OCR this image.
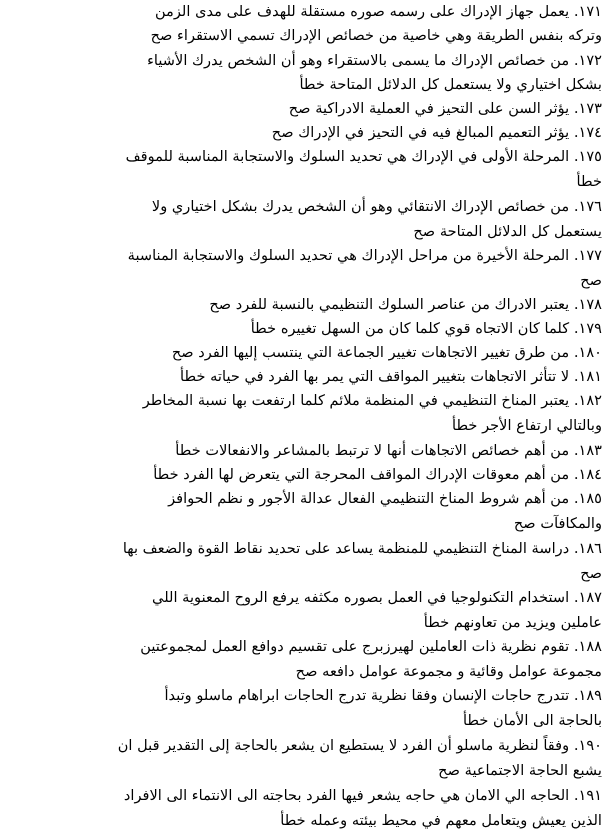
١٧١. يعمل جهاز الإدراك على رسمه صوره مستقلة للهدف على مدى الزمن
وتركه بنفس الطريقة وهي خاصية من خصائص الإدراك تسمي الاستقراء صح
١٧٢. من خصائص الإدراك ما يسمى بالاستقراء وهو أن الشخص يدرك الأشياء
بشكل اختياري ولا يستعمل كل الدلائل المتاحة خطأ
١٧٣. يؤثر السن على التحيز في العملية الادراكية صح
١٧٤. يؤثر التعميم المبالغ فيه في التحيز في الإدراك صح
١٧٥. المرحلة الأولى في الإدراك هي تحديد السلوك والاستجابة المناسبة للموقف
خطأ
١٧٦. من خصائص الإدراك الانتقائي وهو أن الشخص يدرك بشكل اختياري ولا
يستعمل كل الدلائل المتاحة صح
١٧٧. المرحلة الأخيرة من مراحل الإدراك هي تحديد السلوك والاستجابة المناسبة
صح
١٧٨. يعتبر الادراك من عناصر السلوك التنظيمي بالنسبة للفرد صح
١٧٩. كلما كان الاتجاه قوي كلما كان من السهل تغييره خطأ
١٨٠. من طرق تغيير الاتجاهات تغيير الجماعة التي ينتسب إليها الفرد صح
١٨١. لا تتأثر الاتجاهات بتغيير المواقف التي يمر بها الفرد في حياته خطأ
١٨٢. يعتبر المناخ التنظيمي في المنظمة ملائم كلما ارتفعت بها نسبة المخاطر
وبالتالي ارتفاع الأجر خطأ
١٨٣. من أهم خصائص الاتجاهات أنها لا ترتبط بالمشاعر والانفعالات خطأ
١٨٤. من أهم معوقات الإدراك المواقف المحرجة التي يتعرض لها الفرد خطأ
١٨٥. من أهم شروط المناخ التنظيمي الفعال عدالة الأجور و نظم الحوافز
والمكافآت صح
١٨٦. دراسة المناخ التنظيمي للمنظمة يساعد على تحديد نقاط القوة والضعف بها
صح
١٨٧. استخدام التكنولوجيا في العمل بصوره مكثفه يرفع الروح المعنوية اللي
عاملين ويزيد من تعاونهم خطأ
١٨٨. تقوم نظرية ذات العاملين لهيرزبرج على تقسيم دوافع العمل لمجموعتين
مجموعة عوامل وقائية و مجموعة عوامل دافعه صح
١٨٩. تتدرج حاجات الإنسان وفقا نظرية تدرج الحاجات ابراهام ماسلو وتبدأ
بالحاجة الى الأمان خطأ
١٩٠. وفقاً لنظرية ماسلو أن الفرد لا يستطيع ان يشعر بالحاجة إلى التقدير قبل ان
يشبع الحاجة الاجتماعية صح
١٩١. الحاجه الي الامان هي حاجه يشعر فيها الفرد بحاجته الى الانتماء الى الافراد
الذين يعيش ويتعامل معهم في محيط بيئته وعمله خطأ
